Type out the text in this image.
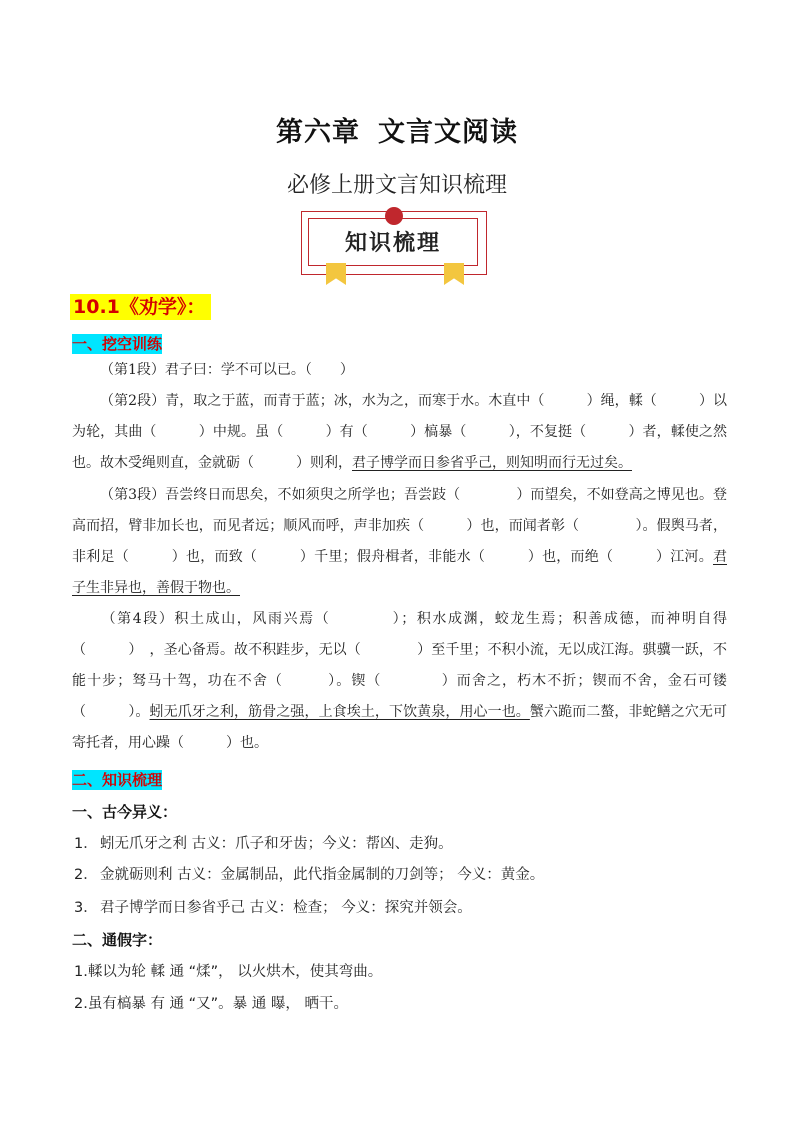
第六章 文言文阅读
必修上册文言知识梳理
知识梳理
10.1《劝学》：
一、挖空训练
（第1段）君子曰：学不可以已。（　　）
（第2段）青，取之于蓝，而青于蓝；冰，水为之，而寒于水。木直中（　　　）绳，輮（　　　）以为轮，其曲（　　　）中规。虽（　　　）有（　　　）槁暴（　　　），不复挺（　　　）者，輮使之然也。故木受绳则直，金就砺（　　　）则利，君子博学而日参省乎己，则知明而行无过矣。
（第3段）吾尝终日而思矣，不如须臾之所学也；吾尝跂（　　　　）而望矣，不如登高之博见也。登高而招，臂非加长也，而见者远；顺风而呼，声非加疾（　　　）也，而闻者彰（　　　　）。假舆马者，非利足（　　　）也，而致（　　　）千里；假舟楫者，非能水（　　　）也，而绝（　　　）江河。君子生非异也，善假于物也。
（第4段）积土成山，风雨兴焉（　　　　）；积水成渊，蛟龙生焉；积善成德，而神明自得（　　　）　，圣心备焉。故不积跬步，无以（　　　　）至千里；不积小流，无以成江海。骐骥一跃，不能十步；驽马十驾，功在不舍（　　　）。锲（　　　　）而舍之，朽木不折；锲而不舍，金石可镂（　　　）。蚓无爪牙之利，筋骨之强，上食埃土，下饮黄泉，用心一也。蟹六跪而二螯，非蛇鳝之穴无可寄托者，用心躁（　　　）也。
二、知识梳理
一、古今异义：
1． 蚓无爪牙之利 古义：爪子和牙齿；今义：帮凶、走狗。
2． 金就砺则利 古义：金属制品，此代指金属制的刀剑等； 今义：黄金。
3． 君子博学而日参省乎己 古义：检查； 今义：探究并领会。
二、通假字：
1.輮以为轮 輮 通 “煣”， 以火烘木，使其弯曲。
2.虽有槁暴 有 通 “又”。暴 通 曝， 晒干。
